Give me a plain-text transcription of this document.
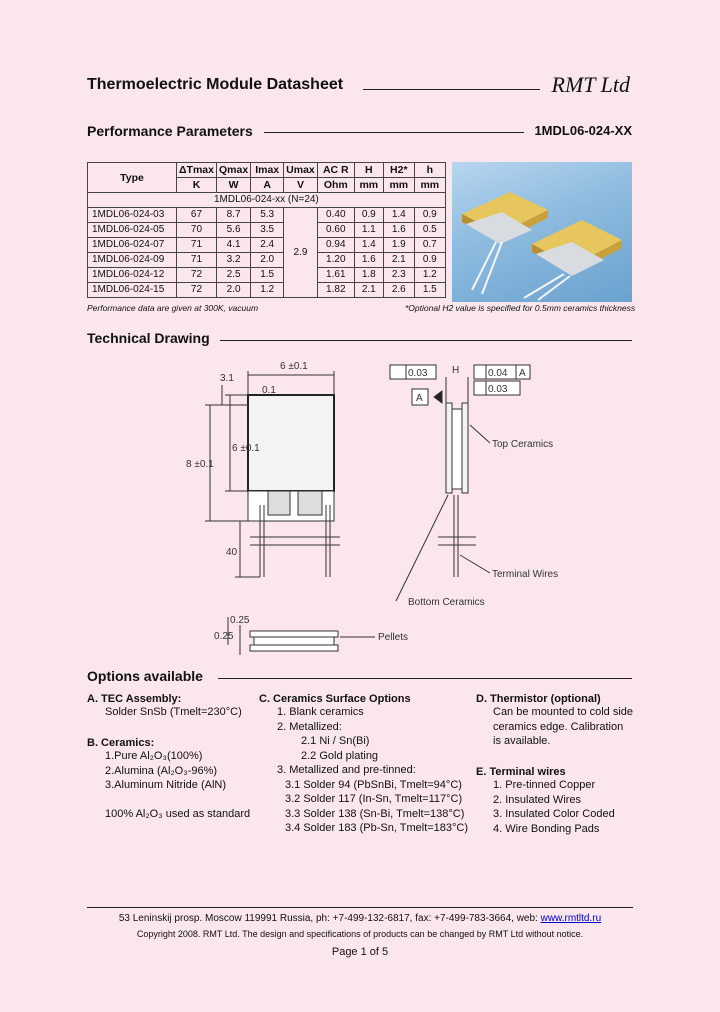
Thermoelectric Module Datasheet	RMT Ltd
Performance Parameters	1MDL06-024-XX
Type	ΔTmax	Qmax	Imax	Umax	AC R	H	H2*	h
	K	W	A	V	Ohm	mm	mm	mm
1MDL06-024-xx (N=24)								
1MDL06-024-03	67	8.7	5.3	2.9	0.40	0.9	1.4	0.9
1MDL06-024-05	70	5.6	3.5		0.60	1.1	1.6	0.5
1MDL06-024-07	71	4.1	2.4		0.94	1.4	1.9	0.7
1MDL06-024-09	71	3.2	2.0		1.20	1.6	2.1	0.9
1MDL06-024-12	72	2.5	1.5		1.61	1.8	2.3	1.2
1MDL06-024-15	72	2.0	1.2		1.82	2.1	2.6	1.5
Performance data are given at 300K, vacuum	*Optional H2 value is specified for 0.5mm ceramics thickness
Technical Drawing
6 ±0.1
0.1
3.1
8 ±0.1
6 ±0.1
40
0.25
0.25
0.03	0.04 A
0.03
A
H
Top Ceramics
Terminal Wires
Bottom Ceramics
Pellets
Options available
A. TEC Assembly:
Solder SnSb (Tmelt=230°C)
B. Ceramics:
1.Pure Al₂O₃(100%)
2.Alumina (Al₂O₃-96%)
3.Aluminum Nitride (AlN)
100% Al₂O₃ used as standard
C. Ceramics Surface Options
1. Blank ceramics
2. Metallized:
2.1 Ni / Sn(Bi)
2.2 Gold plating
3. Metallized and pre-tinned:
3.1 Solder 94 (PbSnBi, Tmelt=94°C)
3.2 Solder 117 (In-Sn, Tmelt=117°C)
3.3 Solder 138 (Sn-Bi, Tmelt=138°C)
3.4 Solder 183 (Pb-Sn, Tmelt=183°C)
D. Thermistor (optional)
Can be mounted to cold side
ceramics edge. Calibration
is available.
E. Terminal wires
1. Pre-tinned Copper
2. Insulated Wires
3. Insulated Color Coded
4. Wire Bonding Pads
53 Leninskij prosp. Moscow 119991 Russia, ph: +7-499-132-6817, fax: +7-499-783-3664, web: www.rmtltd.ru
Copyright 2008. RMT Ltd. The design and specifications of products can be changed by RMT Ltd without notice.
Page 1 of 5
